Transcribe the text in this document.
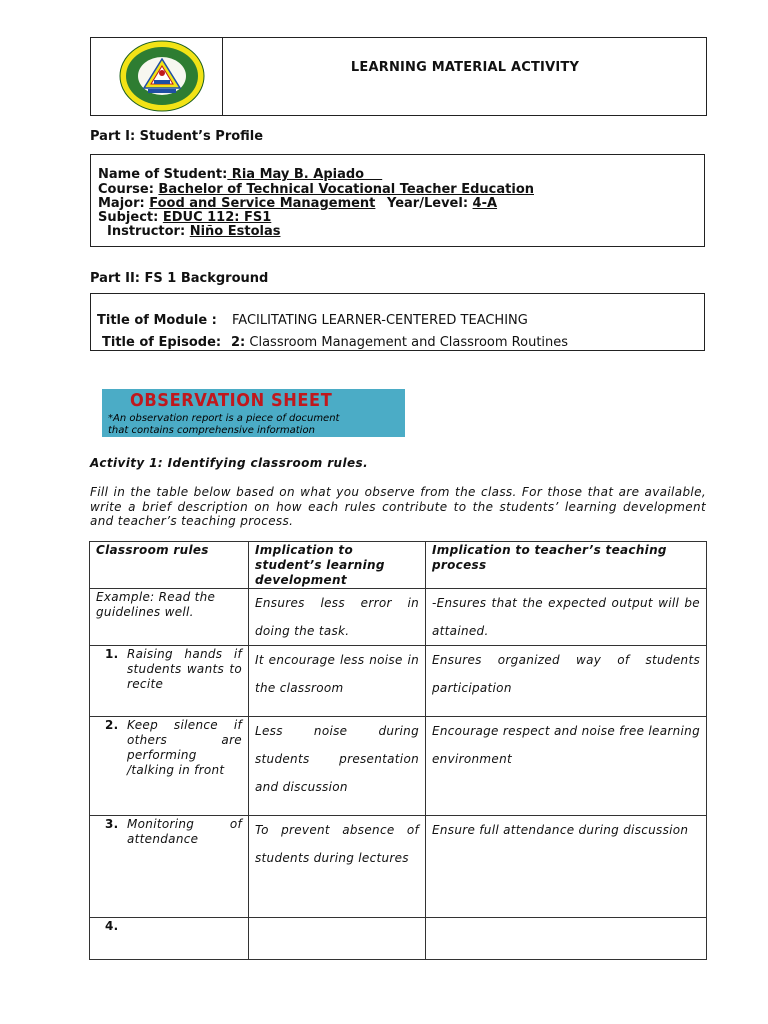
LEARNING MATERIAL ACTIVITY
Part I: Student’s Profile
Name of Student: Ria May B. Apiado
Course: Bachelor of Technical Vocational Teacher Education
Major: Food and Service Management Year/Level: 4-A
Subject: EDUC 112: FS1
Instructor: Niño Estolas
Part II: FS 1 Background
Title of Module : FACILITATING LEARNER-CENTERED TEACHING
Title of Episode: 2: Classroom Management and Classroom Routines
OBSERVATION SHEET
*An observation report is a piece of document
that contains comprehensive information
Activity 1: Identifying classroom rules.
Fill in the table below based on what you observe from the class. For those that are available, write a brief description on how each rules contribute to the students’ learning development and teacher’s teaching process.
Classroom rules	Implication to student’s learning development	Implication to teacher’s teaching process
Example: Read the guidelines well.	Ensures less error in doing the task.	-Ensures that the expected output will be attained.

1. Raising hands if students wants to recite	It encourage less noise in the classroom	Ensures organized way of students participation

2. Keep silence if others are performing /talking in front	Less noise during students presentation and discussion	Encourage respect and noise free learning environment

3. Monitoring of attendance	To prevent absence of students during lectures	Ensure full attendance during discussion

4.		
